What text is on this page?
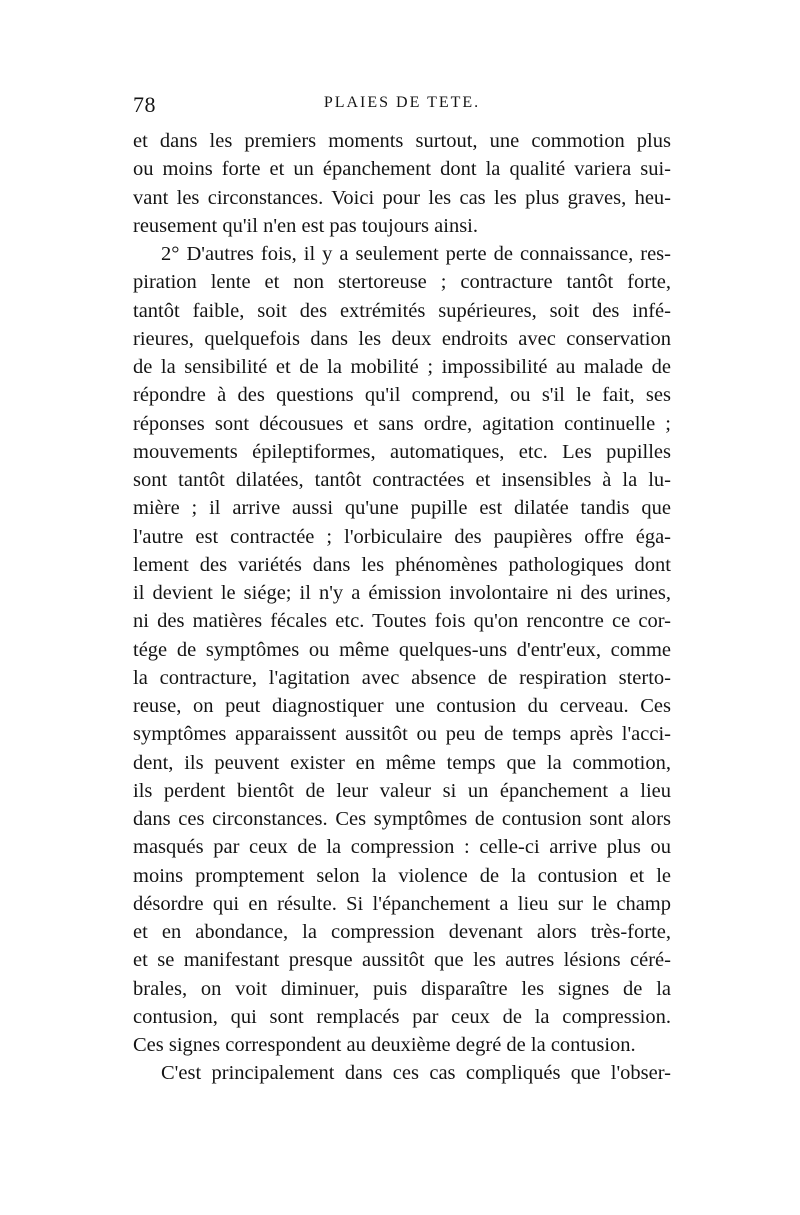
78	PLAIES DE TETE.
et dans les premiers moments surtout, une commotion plus
ou moins forte et un épanchement dont la qualité variera sui-
vant les circonstances. Voici pour les cas les plus graves, heu-
reusement qu'il n'en est pas toujours ainsi.
2° D'autres fois, il y a seulement perte de connaissance, res-
piration lente et non stertoreuse ; contracture tantôt forte,
tantôt faible, soit des extrémités supérieures, soit des infé-
rieures, quelquefois dans les deux endroits avec conservation
de la sensibilité et de la mobilité ; impossibilité au malade de
répondre à des questions qu'il comprend, ou s'il le fait, ses
réponses sont décousues et sans ordre, agitation continuelle ;
mouvements épileptiformes, automatiques, etc. Les pupilles
sont tantôt dilatées, tantôt contractées et insensibles à la lu-
mière ; il arrive aussi qu'une pupille est dilatée tandis que
l'autre est contractée ; l'orbiculaire des paupières offre éga-
lement des variétés dans les phénomènes pathologiques dont
il devient le siége; il n'y a émission involontaire ni des urines,
ni des matières fécales etc. Toutes fois qu'on rencontre ce cor-
tége de symptômes ou même quelques-uns d'entr'eux, comme
la contracture, l'agitation avec absence de respiration sterto-
reuse, on peut diagnostiquer une contusion du cerveau. Ces
symptômes apparaissent aussitôt ou peu de temps après l'acci-
dent, ils peuvent exister en même temps que la commotion,
ils perdent bientôt de leur valeur si un épanchement a lieu
dans ces circonstances. Ces symptômes de contusion sont alors
masqués par ceux de la compression : celle-ci arrive plus ou
moins promptement selon la violence de la contusion et le
désordre qui en résulte. Si l'épanchement a lieu sur le champ
et en abondance, la compression devenant alors très-forte,
et se manifestant presque aussitôt que les autres lésions céré-
brales, on voit diminuer, puis disparaître les signes de la
contusion, qui sont remplacés par ceux de la compression.
Ces signes correspondent au deuxième degré de la contusion.
C'est principalement dans ces cas compliqués que l'obser-
